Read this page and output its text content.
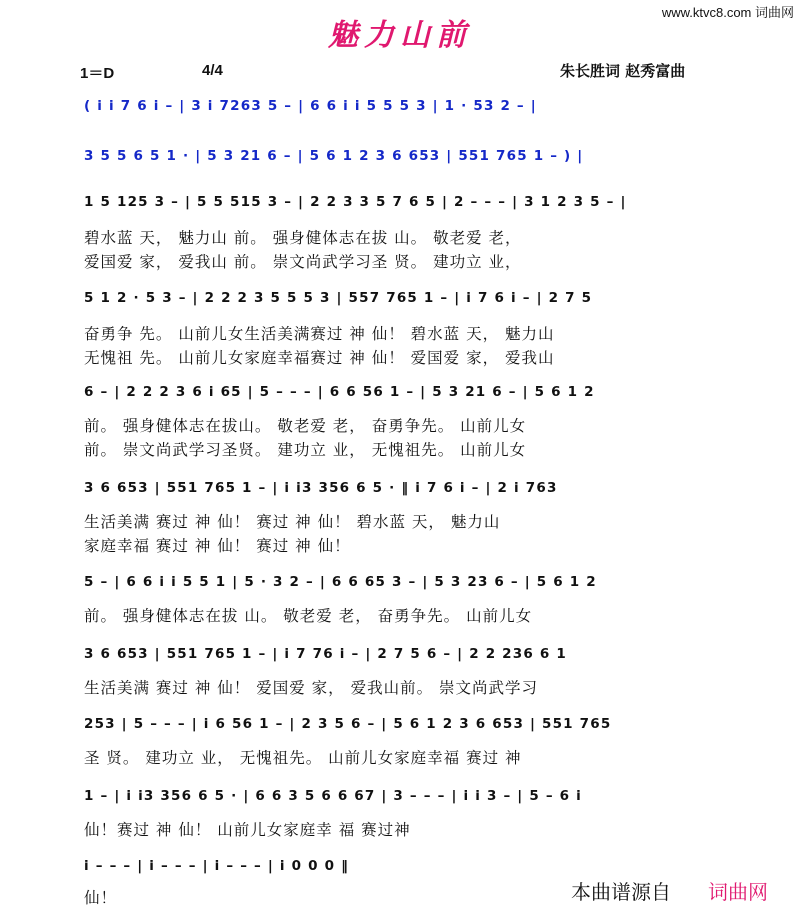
www.ktvc8.com 词曲网
魅力山前
1＝D	4/4	朱长胜词 赵秀富曲
( i i 7 6 i – | 3 i 7263 5 – | 6 6 i i 5 5 5 3 | 1 · 53 2 – |
3 5 5 6 5 1 · | 5 3 21 6 – | 5 6 1 2 3 6 653 | 551 765 1 – ) |
1 5 125 3 – | 5 5 515 3 – | 2 2 3 3 5 7 6 5 | 2 – – – | 3 1 2 3 5 – |
碧水蓝 天， 魅力山 前。 强身健体志在拔 山。 敬老爱 老，
爱国爱 家， 爱我山 前。 崇文尚武学习圣 贤。 建功立 业，
5 1 2 · 5 3 – | 2 2 2 3 5 5 5 3 | 557 765 1 – | i 7 6 i – | 2 7 5
奋勇争 先。 山前儿女生活美满赛过 神 仙！ 碧水蓝 天， 魅力山
无愧祖 先。 山前儿女家庭幸福赛过 神 仙！ 爱国爱 家， 爱我山
6 – | 2 2 2 3 6 i 65 | 5 – – – | 6 6 56 1 – | 5 3 21 6 – | 5 6 1 2
前。 强身健体志在拔山。 敬老爱 老， 奋勇争先。 山前儿女
前。 崇文尚武学习圣贤。 建功立 业， 无愧祖先。 山前儿女
3 6 653 | 551 765 1 – | i i3 356 6 5 · ‖ i 7 6 i – | 2 i 763
生活美满 赛过 神 仙！ 赛过 神 仙！ 碧水蓝 天， 魅力山
家庭幸福 赛过 神 仙！ 赛过 神 仙！
5 – | 6 6 i i 5 5 1 | 5 · 3 2 – | 6 6 65 3 – | 5 3 23 6 – | 5 6 1 2
前。 强身健体志在拔 山。 敬老爱 老， 奋勇争先。 山前儿女
3 6 653 | 551 765 1 – | i 7 76 i – | 2 7 5 6 – | 2 2 236 6 1
生活美满 赛过 神 仙！ 爱国爱 家， 爱我山前。 崇文尚武学习
253 | 5 – – – | i 6 56 1 – | 2 3 5 6 – | 5 6 1 2 3 6 653 | 551 765
圣 贤。 建功立 业， 无愧祖先。 山前儿女家庭幸福 赛过 神
1 – | i i3 356 6 5 · | 6 6 3 5 6 6 67 | 3 – – – | i i 3 – | 5 – 6 i
仙！赛过 神 仙！ 山前儿女家庭幸 福 赛过神
i – – – | i – – – | i – – – | i 0 0 0 ‖
仙！	本曲谱源自 词曲网
